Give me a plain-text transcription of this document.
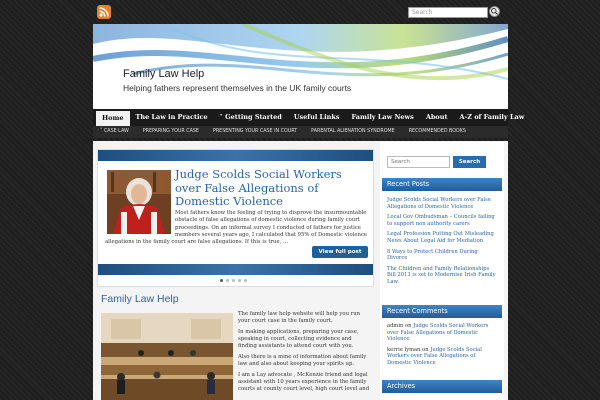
Search
Family Law Help
Helping fathers represent themselves in the UK family courts
Home	The Law in Practice	˅ Getting Started	Useful Links	Family Law News	About	A-Z of Family Law
˅ CASE LAW	PREPARING YOUR CASE	PRESENTING YOUR CASE IN COURT	PARENTAL ALIENATION SYNDROME	RECOMMENDED BOOKS
Judge Scolds Social Workers over False Allegations of Domestic Violence
Most fathers know the feeling of trying to disprove the insurmountable obstacle of false allegations of domestic violence during family court proceedings. On an informal survey I conducted of fathers for justice members several years ago, I calculated that 95% of Domestic violence
allegations in the family court are false allegations. If this is true, …
View full post
Family Law Help

The family law help website will help you run your court case in the family court.

In making applications, preparing your case, speaking in court, collecting evidence and finding assistants to attend court with you.

Also there is a mine of information about family law and also about keeping your spirits up.

I am a Lay advocate , McKenzie friend and legal assistant with 10 years experience in the family courts at county court level, high court level and

Search	Search
Recent Posts
Judge Scolds Social Workers over False Allegations of Domestic Violence
Local Gov Ombudsman – Councils failing to support non authority carers
Legal Profession Putting Out Misleading News About Legal Aid for Mediation
8 Ways to Protect Children During Divorce
The Children and Family Relationships Bill 2013 is set to Modernise Irish Family Law.
Recent Comments
admin on Judge Scolds Social Workers over False Allegations of Domestic Violence
kerrie lyman on Judge Scolds Social Workers over False Allegations of Domestic Violence
Archives
